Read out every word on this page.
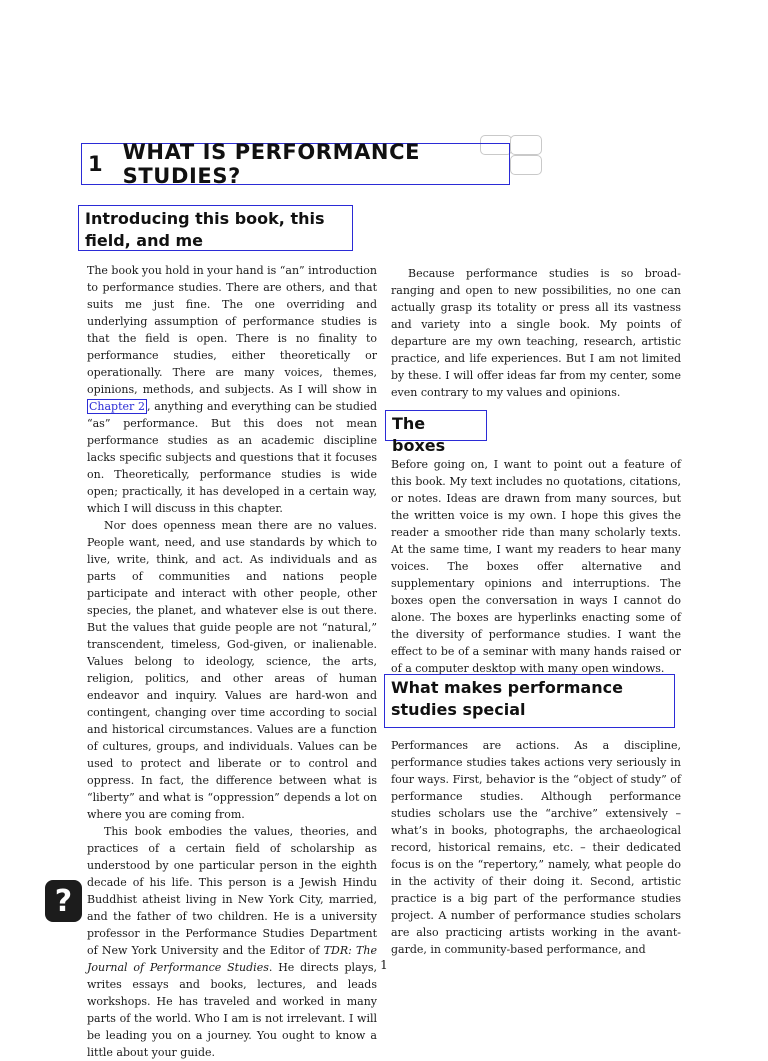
1 WHAT IS PERFORMANCE STUDIES?
Introducing this book, this field, and me

The book you hold in your hand is “an” introduction to performance studies. There are others, and that suits me just fine. The one overriding and underlying assumption of performance studies is that the field is open. There is no finality to performance studies, either theoretically or operationally. There are many voices, themes, opinions, methods, and subjects. As I will show in Chapter 2 , anything and everything can be studied “as” performance. But this does not mean performance studies as an academic discipline lacks specific subjects and questions that it focuses on. Theoretically, performance studies is wide open; practically, it has developed in a certain way, which I will discuss in this chapter.

Nor does openness mean there are no values. People want, need, and use standards by which to live, write, think, and act. As individuals and as parts of communities and nations people participate and interact with other people, other species, the planet, and whatever else is out there. But the values that guide people are not “natural,” transcendent, timeless, God-given, or inalienable. Values belong to ideology, science, the arts, religion, politics, and other areas of human endeavor and inquiry. Values are hard-won and contingent, changing over time according to social and historical circumstances. Values are a function of cultures, groups, and individuals. Values can be used to protect and liberate or to control and oppress. In fact, the difference between what is “liberty” and what is “oppression” depends a lot on where you are coming from.

This book embodies the values, theories, and practices of a certain field of scholarship as understood by one particular person in the eighth decade of his life. This person is a Jewish Hindu Buddhist atheist living in New York City, married, and the father of two children. He is a university professor in the Performance Studies Department of New York University and the Editor of TDR: The Journal of Performance Studies. He directs plays, writes essays and books, lectures, and leads workshops. He has traveled and worked in many parts of the world. Who I am is not irrelevant. I will be leading you on a journey. You ought to know a little about your guide.

Because performance studies is so broad-ranging and open to new possibilities, no one can actually grasp its totality or press all its vastness and variety into a single book. My points of departure are my own teaching, research, artistic practice, and life experiences. But I am not limited by these. I will offer ideas far from my center, some even contrary to my values and opinions.

The boxes

Before going on, I want to point out a feature of this book. My text includes no quotations, citations, or notes. Ideas are drawn from many sources, but the written voice is my own. I hope this gives the reader a smoother ride than many scholarly texts. At the same time, I want my readers to hear many voices. The boxes offer alternative and supplementary opinions and interruptions. The boxes open the conversation in ways I cannot do alone. The boxes are hyperlinks enacting some of the diversity of performance studies. I want the effect to be of a seminar with many hands raised or of a computer desktop with many open windows.

What makes performance studies special

Performances are actions. As a discipline, performance studies takes actions very seriously in four ways. First, behavior is the “object of study” of performance studies. Although performance studies scholars use the “archive” extensively – what’s in books, photographs, the archaeological record, historical remains, etc. – their dedicated focus is on the “repertory,” namely, what people do in the activity of their doing it. Second, artistic practice is a big part of the performance studies project. A number of performance studies scholars are also practicing artists working in the avant-garde, in community-based performance, and

?
1
